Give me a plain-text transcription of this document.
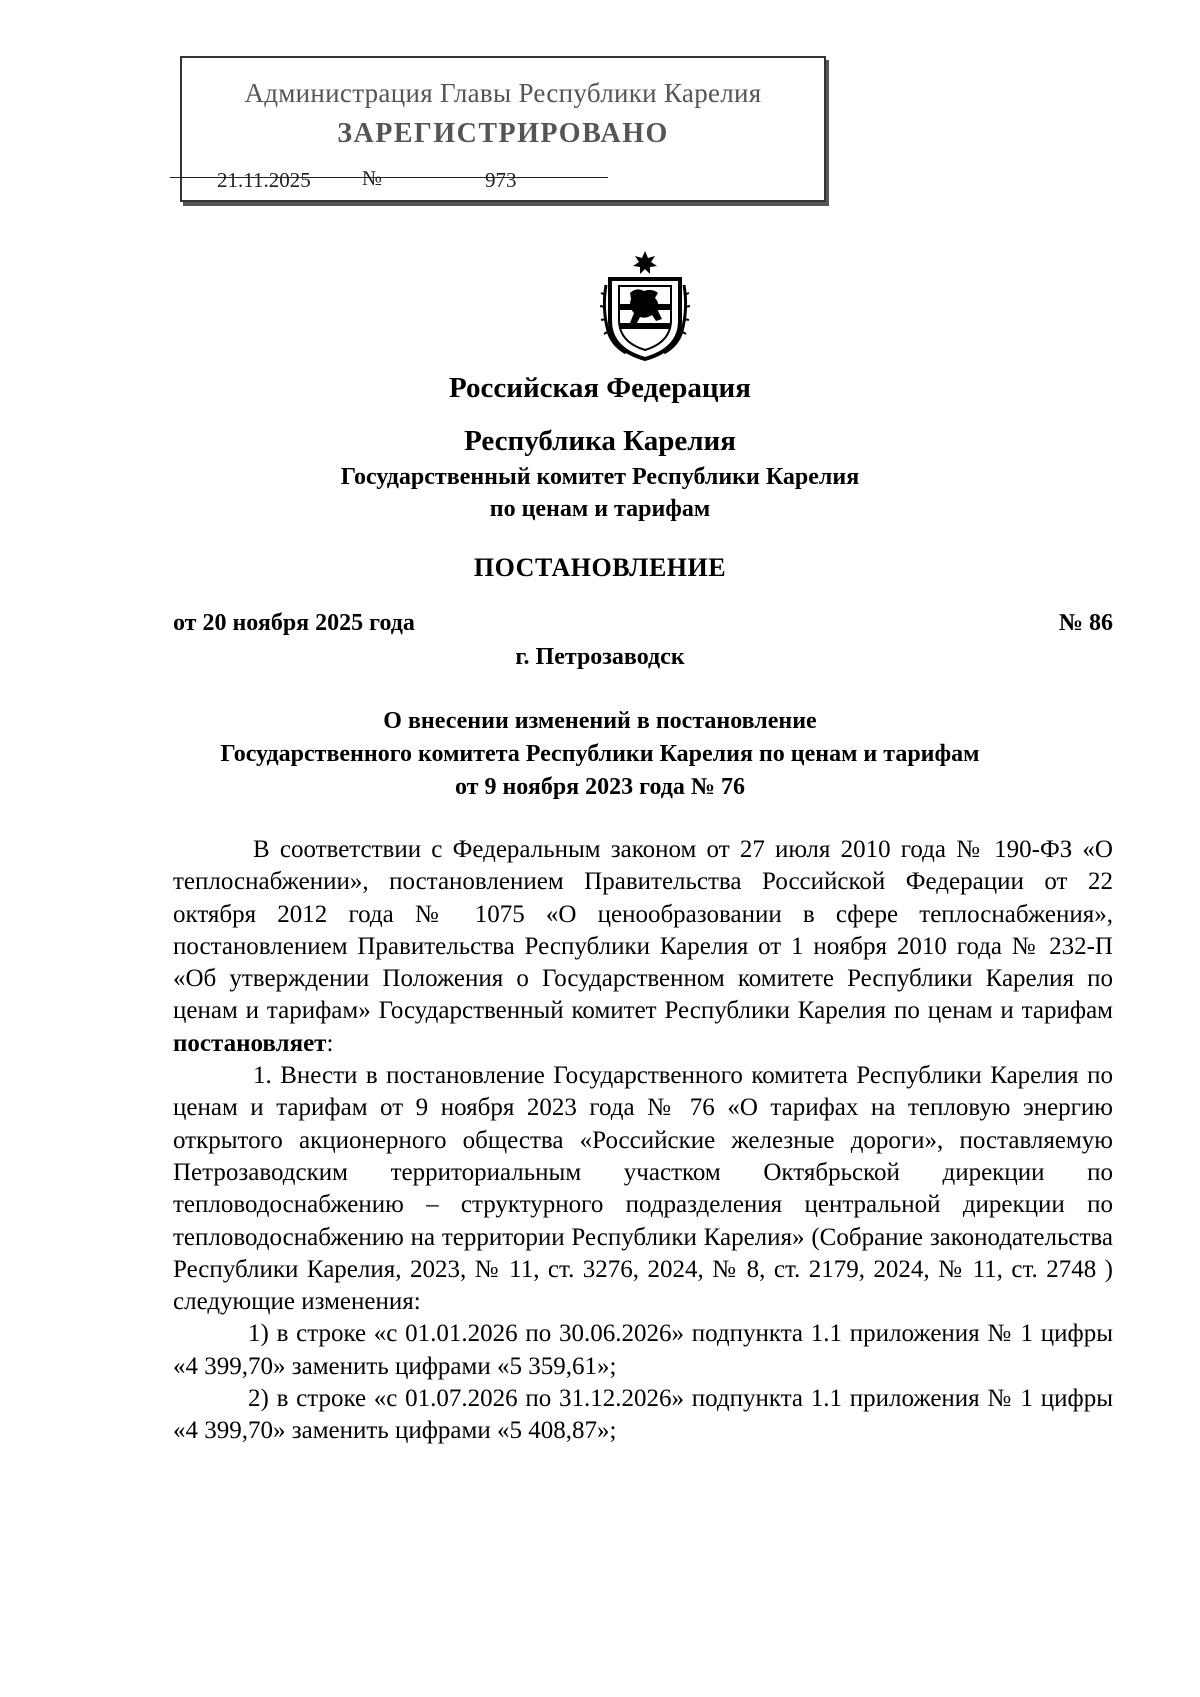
Администрация Главы Республики Карелия
ЗАРЕГИСТРИРОВАНО
21.11.2025 №	973
Российская Федерация
Республика Карелия
Государственный комитет Республики Карелия
по ценам и тарифам
ПОСТАНОВЛЕНИЕ
от 20 ноября 2025 года	№ 86
г. Петрозаводск
О внесении изменений в постановление
Государственного комитета Республики Карелия по ценам и тарифам
от 9 ноября 2023 года № 76

В соответствии с Федеральным законом от 27 июля 2010 года № 190-ФЗ «О теплоснабжении», постановлением Правительства Российской Федерации от 22 октября 2012 года № 1075 «О ценообразовании в сфере теплоснабжения», постановлением Правительства Республики Карелия от 1 ноября 2010 года № 232-П «Об утверждении Положения о Государственном комитете Республики Карелия по ценам и тарифам» Государственный комитет Республики Карелия по ценам и тарифам постановляет:

1. Внести в постановление Государственного комитета Республики Карелия по ценам и тарифам от 9 ноября 2023 года № 76 «О тарифах на тепловую энергию открытого акционерного общества «Российские железные дороги», поставляемую Петрозаводским территориальным участком Октябрьской дирекции по тепловодоснабжению – структурного подразделения центральной дирекции по тепловодоснабжению на территории Республики Карелия» (Собрание законодательства Республики Карелия, 2023, № 11, ст. 3276, 2024, № 8, ст. 2179, 2024, № 11, ст. 2748 ) следующие изменения:

1) в строке «с 01.01.2026 по 30.06.2026» подпункта 1.1 приложения № 1 цифры «4 399,70» заменить цифрами «5 359,61»;

2) в строке «с 01.07.2026 по 31.12.2026» подпункта 1.1 приложения № 1 цифры «4 399,70» заменить цифрами «5 408,87»;
